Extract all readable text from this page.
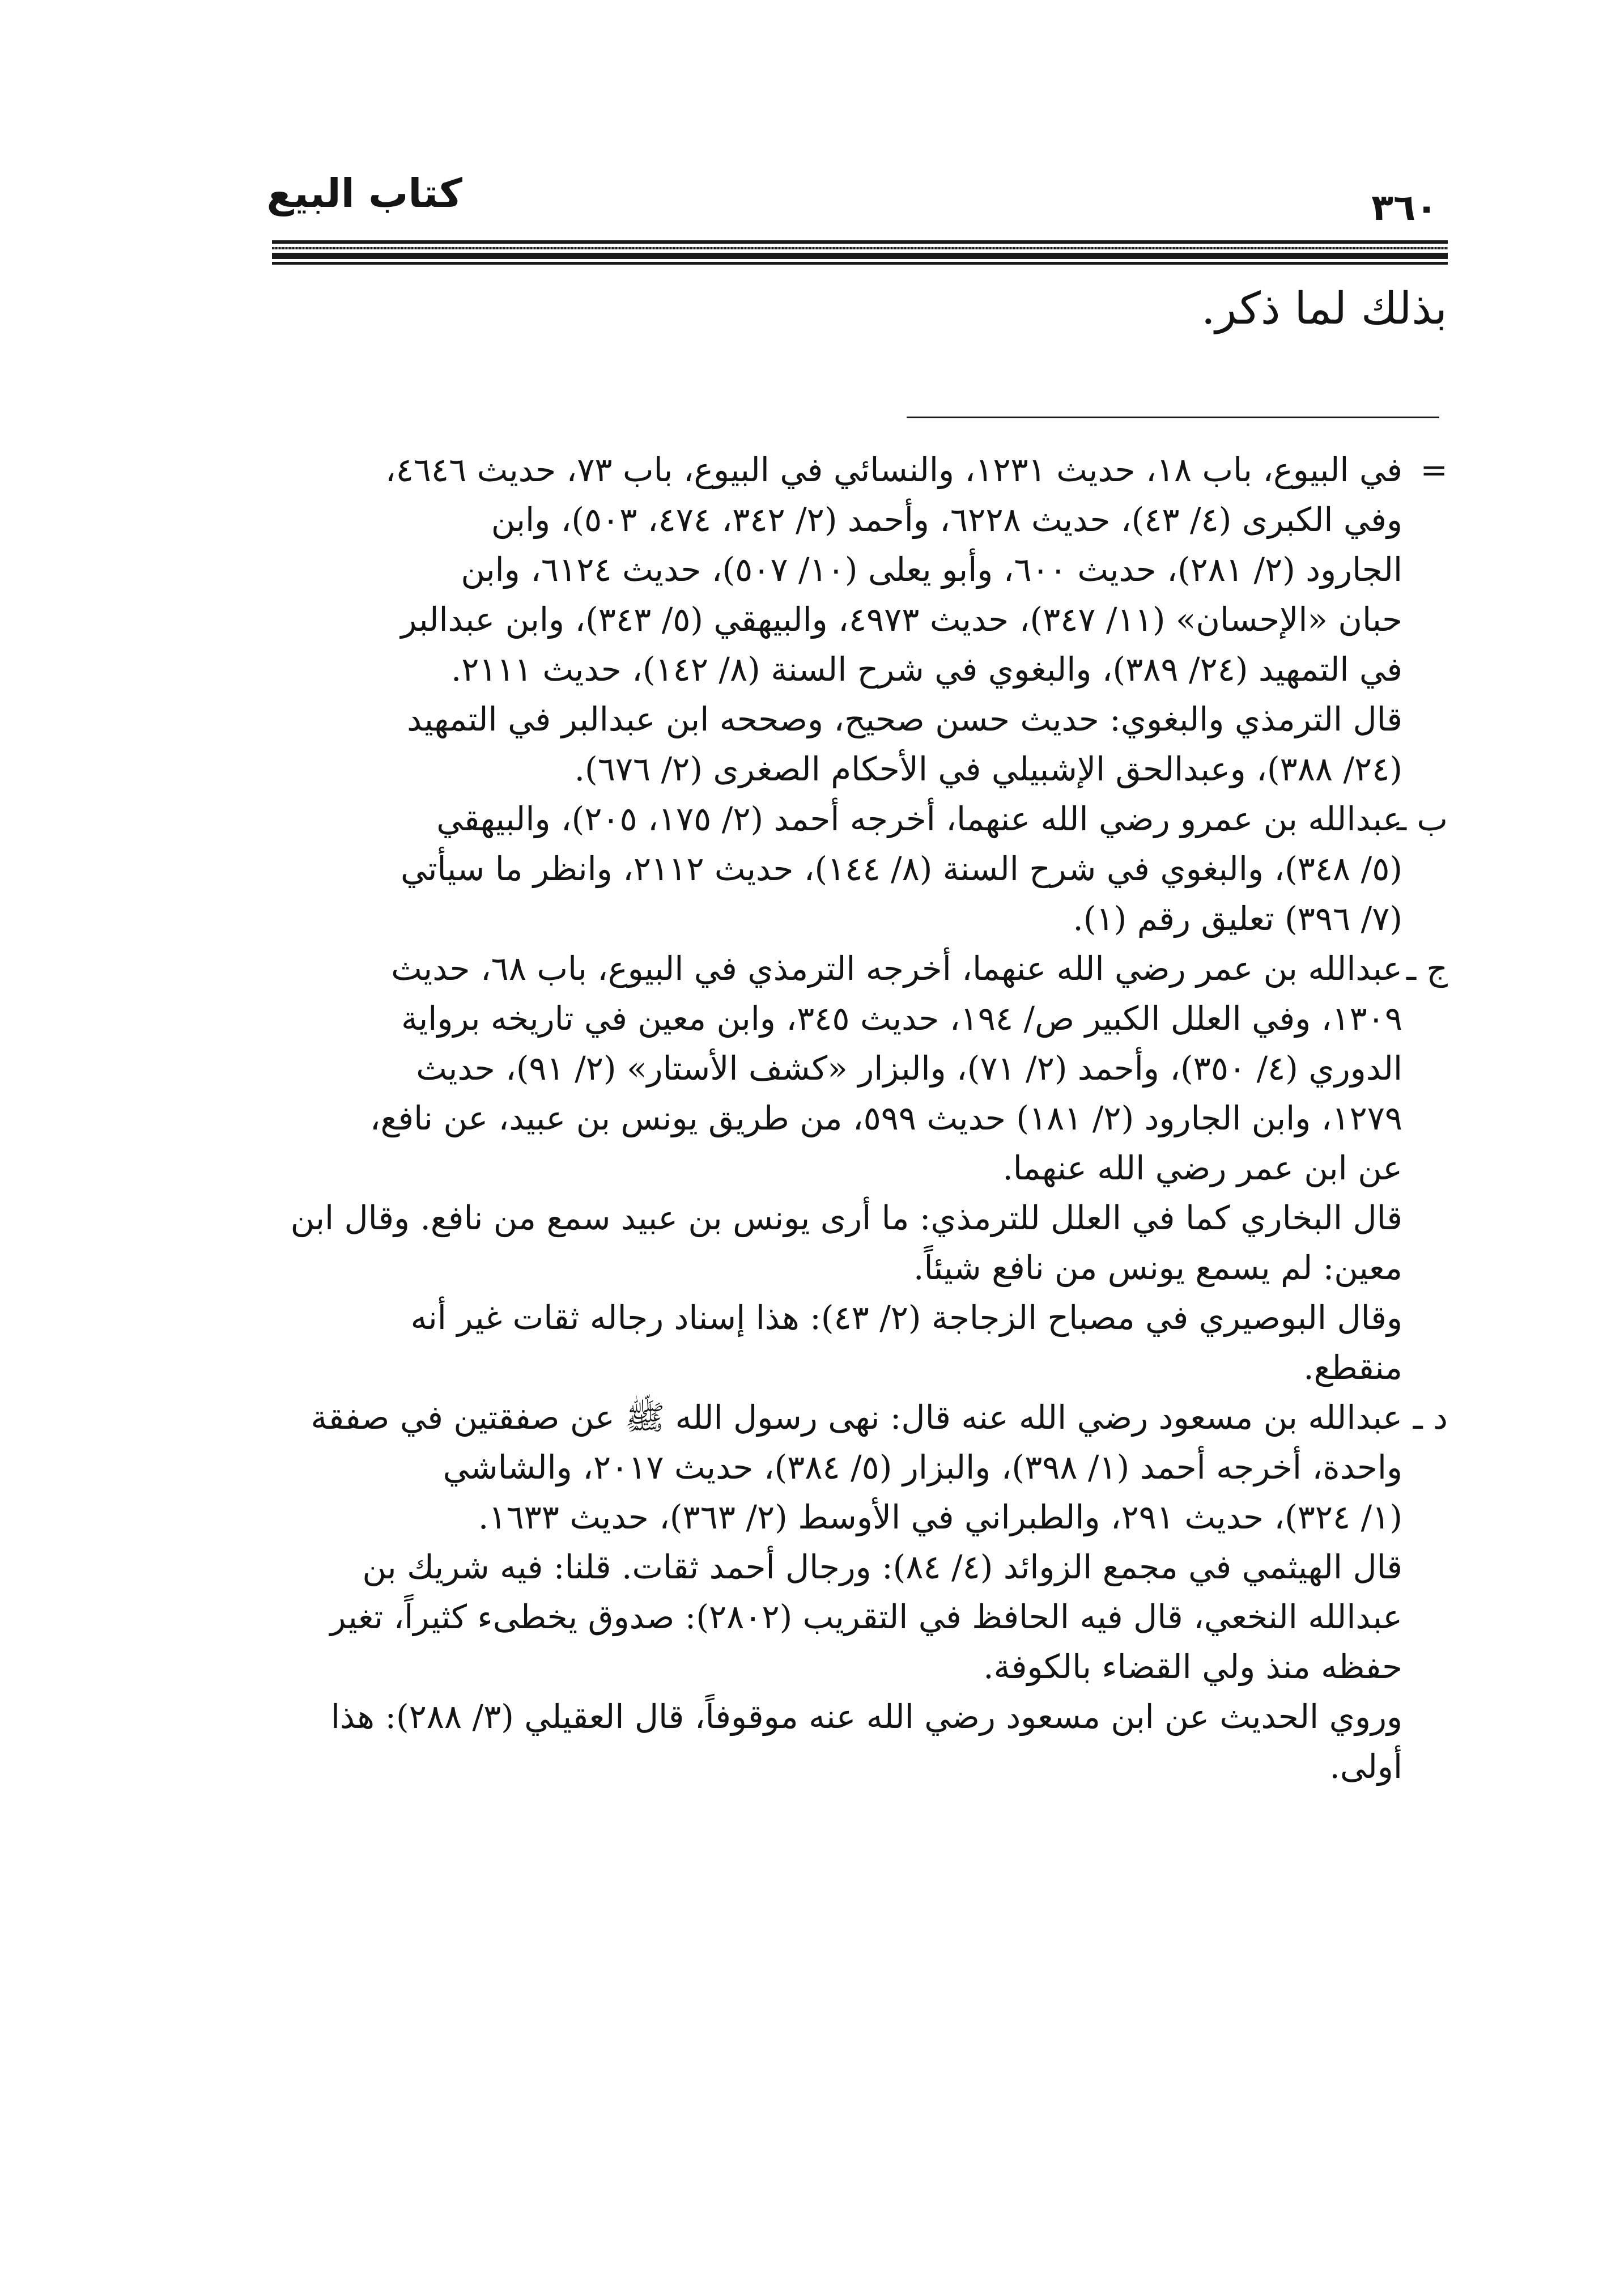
كتاب البيع	٣٦٠
بذلك لما ذكر.
=
في البيوع، باب ١٨، حديث ١٢٣١، والنسائي في البيوع، باب ٧٣، حديث ٤٦٤٦،
وفي الكبرى (٤/ ٤٣)، حديث ٦٢٢٨، وأحمد (٢/ ٣٤٢، ٤٧٤، ٥٠٣)، وابن
الجارود (٢/ ٢٨١)، حديث ٦٠٠، وأبو يعلى (١٠/ ٥٠٧)، حديث ٦١٢٤، وابن
حبان «الإحسان» (١١/ ٣٤٧)، حديث ٤٩٧٣، والبيهقي (٥/ ٣٤٣)، وابن عبدالبر
في التمهيد (٢٤/ ٣٨٩)، والبغوي في شرح السنة (٨/ ١٤٢)، حديث ٢١١١.
قال الترمذي والبغوي: حديث حسن صحيح، وصححه ابن عبدالبر في التمهيد
(٢٤/ ٣٨٨)، وعبدالحق الإشبيلي في الأحكام الصغرى (٢/ ٦٧٦).
ب ـ
عبدالله بن عمرو رضي الله عنهما، أخرجه أحمد (٢/ ١٧٥، ٢٠٥)، والبيهقي
(٥/ ٣٤٨)، والبغوي في شرح السنة (٨/ ١٤٤)، حديث ٢١١٢، وانظر ما سيأتي
(٧/ ٣٩٦) تعليق رقم (١).
ج ـ
عبدالله بن عمر رضي الله عنهما، أخرجه الترمذي في البيوع، باب ٦٨، حديث
١٣٠٩، وفي العلل الكبير ص/ ١٩٤، حديث ٣٤٥، وابن معين في تاريخه برواية
الدوري (٤/ ٣٥٠)، وأحمد (٢/ ٧١)، والبزار «كشف الأستار» (٢/ ٩١)، حديث
١٢٧٩، وابن الجارود (٢/ ١٨١) حديث ٥٩٩، من طريق يونس بن عبيد، عن نافع،
عن ابن عمر رضي الله عنهما.
قال البخاري كما في العلل للترمذي: ما أرى يونس بن عبيد سمع من نافع. وقال ابن
معين: لم يسمع يونس من نافع شيئاً.
وقال البوصيري في مصباح الزجاجة (٢/ ٤٣): هذا إسناد رجاله ثقات غير أنه
منقطع.
د ـ
عبدالله بن مسعود رضي الله عنه قال: نهى رسول الله ﷺ عن صفقتين في صفقة
واحدة، أخرجه أحمد (١/ ٣٩٨)، والبزار (٥/ ٣٨٤)، حديث ٢٠١٧، والشاشي
(١/ ٣٢٤)، حديث ٢٩١، والطبراني في الأوسط (٢/ ٣٦٣)، حديث ١٦٣٣.
قال الهيثمي في مجمع الزوائد (٤/ ٨٤): ورجال أحمد ثقات. قلنا: فيه شريك بن
عبدالله النخعي، قال فيه الحافظ في التقريب (٢٨٠٢): صدوق يخطىء كثيراً، تغير
حفظه منذ ولي القضاء بالكوفة.
وروي الحديث عن ابن مسعود رضي الله عنه موقوفاً، قال العقيلي (٣/ ٢٨٨): هذا
أولى.
